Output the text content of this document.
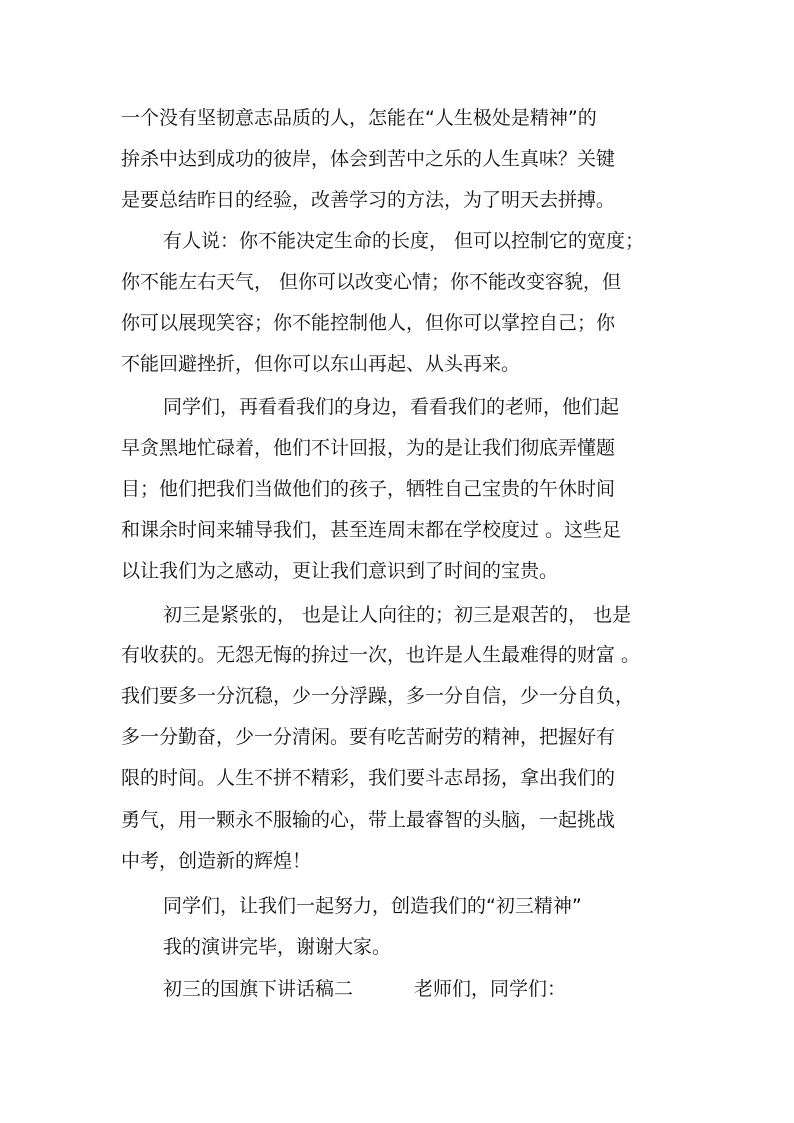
一个没有坚韧意志品质的人，怎能在“人生极处是精神”的
拚杀中达到成功的彼岸，体会到苦中之乐的人生真味？关键
是要总结昨日的经验，改善学习的方法，为了明天去拼搏。
有人说：你不能决定生命的长度， 但可以控制它的宽度；
你不能左右天气， 但你可以改变心情；你不能改变容貌，但
你可以展现笑容；你不能控制他人，但你可以掌控自己；你
不能回避挫折，但你可以东山再起、从头再来。
同学们，再看看我们的身边，看看我们的老师，他们起
早贪黑地忙碌着，他们不计回报，为的是让我们彻底弄懂题
目；他们把我们当做他们的孩子，牺牲自己宝贵的午休时间
和课余时间来辅导我们，甚至连周末都在学校度过 。这些足
以让我们为之感动，更让我们意识到了时间的宝贵。
初三是紧张的， 也是让人向往的；初三是艰苦的， 也是
有收获的。无怨无悔的拚过一次，也许是人生最难得的财富 。
我们要多一分沉稳，少一分浮躁，多一分自信，少一分自负，
多一分勤奋，少一分清闲。要有吃苦耐劳的精神，把握好有
限的时间。人生不拼不精彩，我们要斗志昂扬，拿出我们的
勇气，用一颗永不服输的心，带上最睿智的头脑，一起挑战
中考，创造新的辉煌！
同学们，让我们一起努力，创造我们的“初三精神”
我的演讲完毕，谢谢大家。
初三的国旗下讲话稿二	老师们，同学们：
